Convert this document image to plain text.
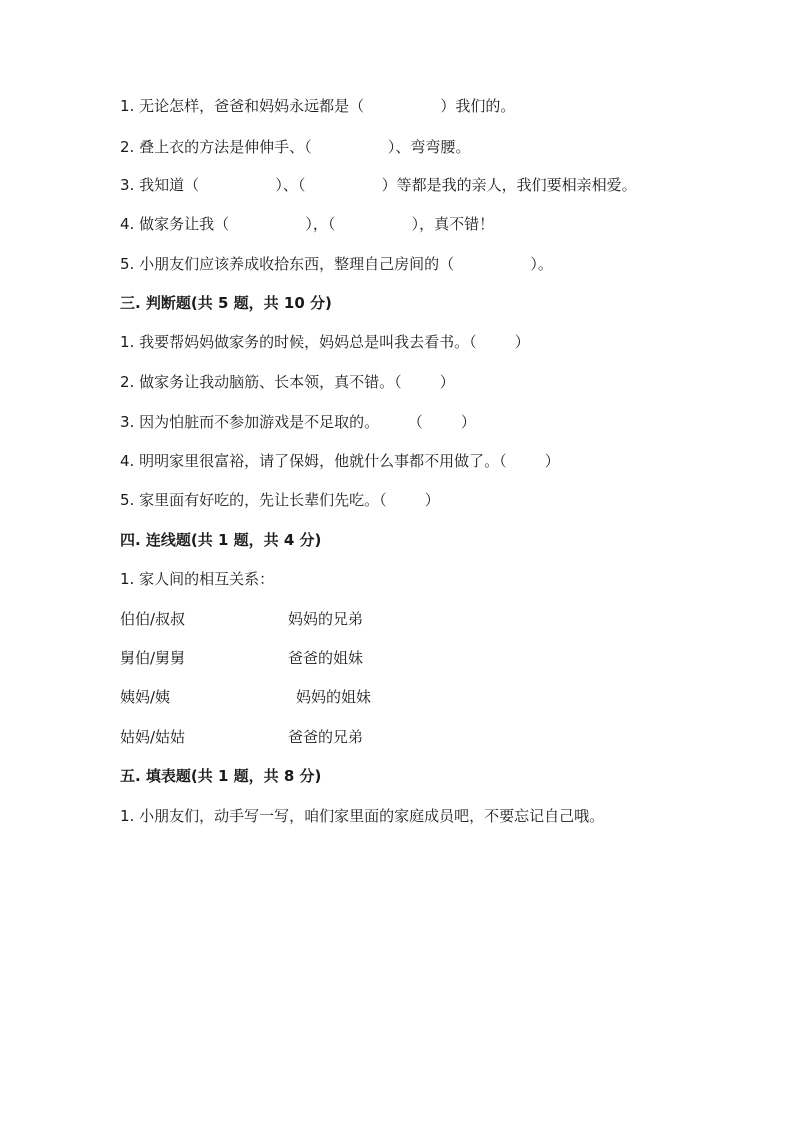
1. 无论怎样，爸爸和妈妈永远都是（                ）我们的。
2. 叠上衣的方法是伸伸手、（                ）、弯弯腰。
3. 我知道（                ）、（                ）等都是我的亲人，我们要相亲相爱。
4. 做家务让我（                ），（                ），真不错！
5. 小朋友们应该养成收拾东西，整理自己房间的（                ）。
三. 判断题(共 5 题，共 10 分)
1. 我要帮妈妈做家务的时候，妈妈总是叫我去看书。（        ）
2. 做家务让我动脑筋、长本领，真不错。（        ）
3. 因为怕脏而不参加游戏是不足取的。      （        ）
4. 明明家里很富裕，请了保姆，他就什么事都不用做了。（        ）
5. 家里面有好吃的，先让长辈们先吃。（        ）
四. 连线题(共 1 题，共 4 分)
1. 家人间的相互关系：
伯伯/叔叔	妈妈的兄弟
舅伯/舅舅	爸爸的姐妹
姨妈/姨	妈妈的姐妹
姑妈/姑姑	爸爸的兄弟
五. 填表题(共 1 题，共 8 分)
1. 小朋友们，动手写一写，咱们家里面的家庭成员吧，不要忘记自己哦。
